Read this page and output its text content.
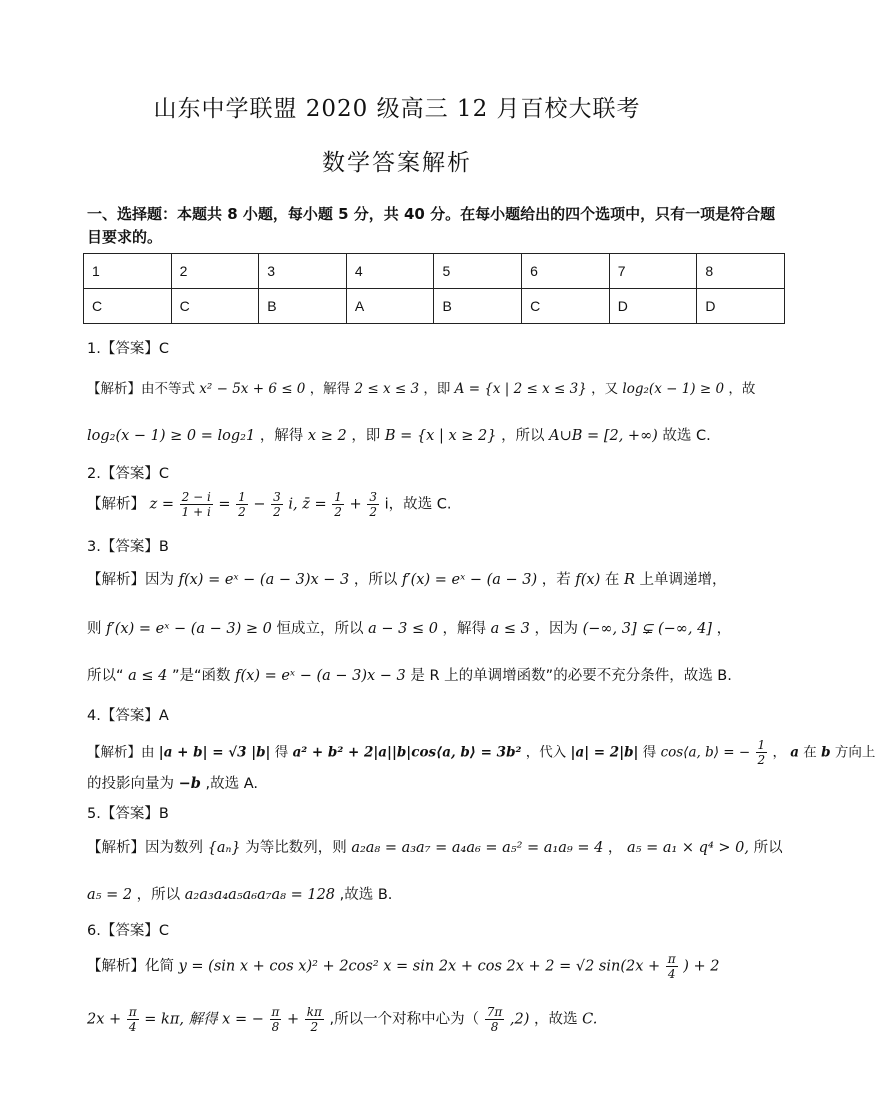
山东中学联盟 2020 级高三 12 月百校大联考
数学答案解析
一、选择题：本题共 8 小题，每小题 5 分，共 40 分。在每小题给出的四个选项中，只有一项是符合题目要求的。
1	2	3	4	5	6	7	8
C	C	B	A	B	C	D	D
1.【答案】C
【解析】由不等式 x² − 5x + 6 ≤ 0 ，解得 2 ≤ x ≤ 3 ，即 A = {x | 2 ≤ x ≤ 3} ，又 log₂(x − 1) ≥ 0 ，故
log₂(x − 1) ≥ 0 = log₂1 ，解得 x ≥ 2 ，即 B = {x | x ≥ 2} ，所以 A∪B = [2, +∞) 故选 C.
2.【答案】C
【解析】 $z = \frac{2 - i}{1 + i} = \frac{1}{2} - \frac{3}{2} i$, z̄ = $\frac{1}{2} + \frac{3}{2}$ i，故选 C.
3.【答案】B
【解析】因为 f(x) = eˣ − (a − 3)x − 3 ，所以 f′(x) = eˣ − (a − 3) ，若 f(x) 在 R 上单调递增，
则 f′(x) = eˣ − (a − 3) ≥ 0 恒成立，所以 a − 3 ≤ 0 ，解得 a ≤ 3 ，因为 (−∞, 3] ⊊ (−∞, 4] ，
所以“ a ≤ 4 ”是“函数 f(x) = eˣ − (a − 3)x − 3 是 R 上的单调增函数”的必要不充分条件，故选 B.
4.【答案】A
【解析】由 |a + b| = √3 |b| 得 a² + b² + 2|a||b|cos⟨a, b⟩ = 3b² ，代入 |a| = 2|b| 得 cos⟨a, b⟩ = − $\frac{1}{2}$ ， a 在 b 方向上
的投影向量为 −b ,故选 A.
5.【答案】B
【解析】因为数列 {aₙ} 为等比数列，则 a₂a₈ = a₃a₇ = a₄a₆ = a₅² = a₁a₉ = 4 ， a₅ = a₁ × q⁴ > 0, 所以
a₅ = 2 ，所以 a₂a₃a₄a₅a₆a₇a₈ = 128 ,故选 B.
6.【答案】C
【解析】化简 y = (sin x + cos x)² + 2cos² x = sin 2x + cos 2x + 2 = √2 $\sin(2x + \frac{\pi}{4}$ ) + 2
$2x + \frac{\pi}{4} = k\pi$, 解得 x = − $\frac{\pi}{8} + \frac{k\pi}{2}$ ,所以一个对称中心为（ $\frac{7\pi}{8} ,2$) ，故选 C.
